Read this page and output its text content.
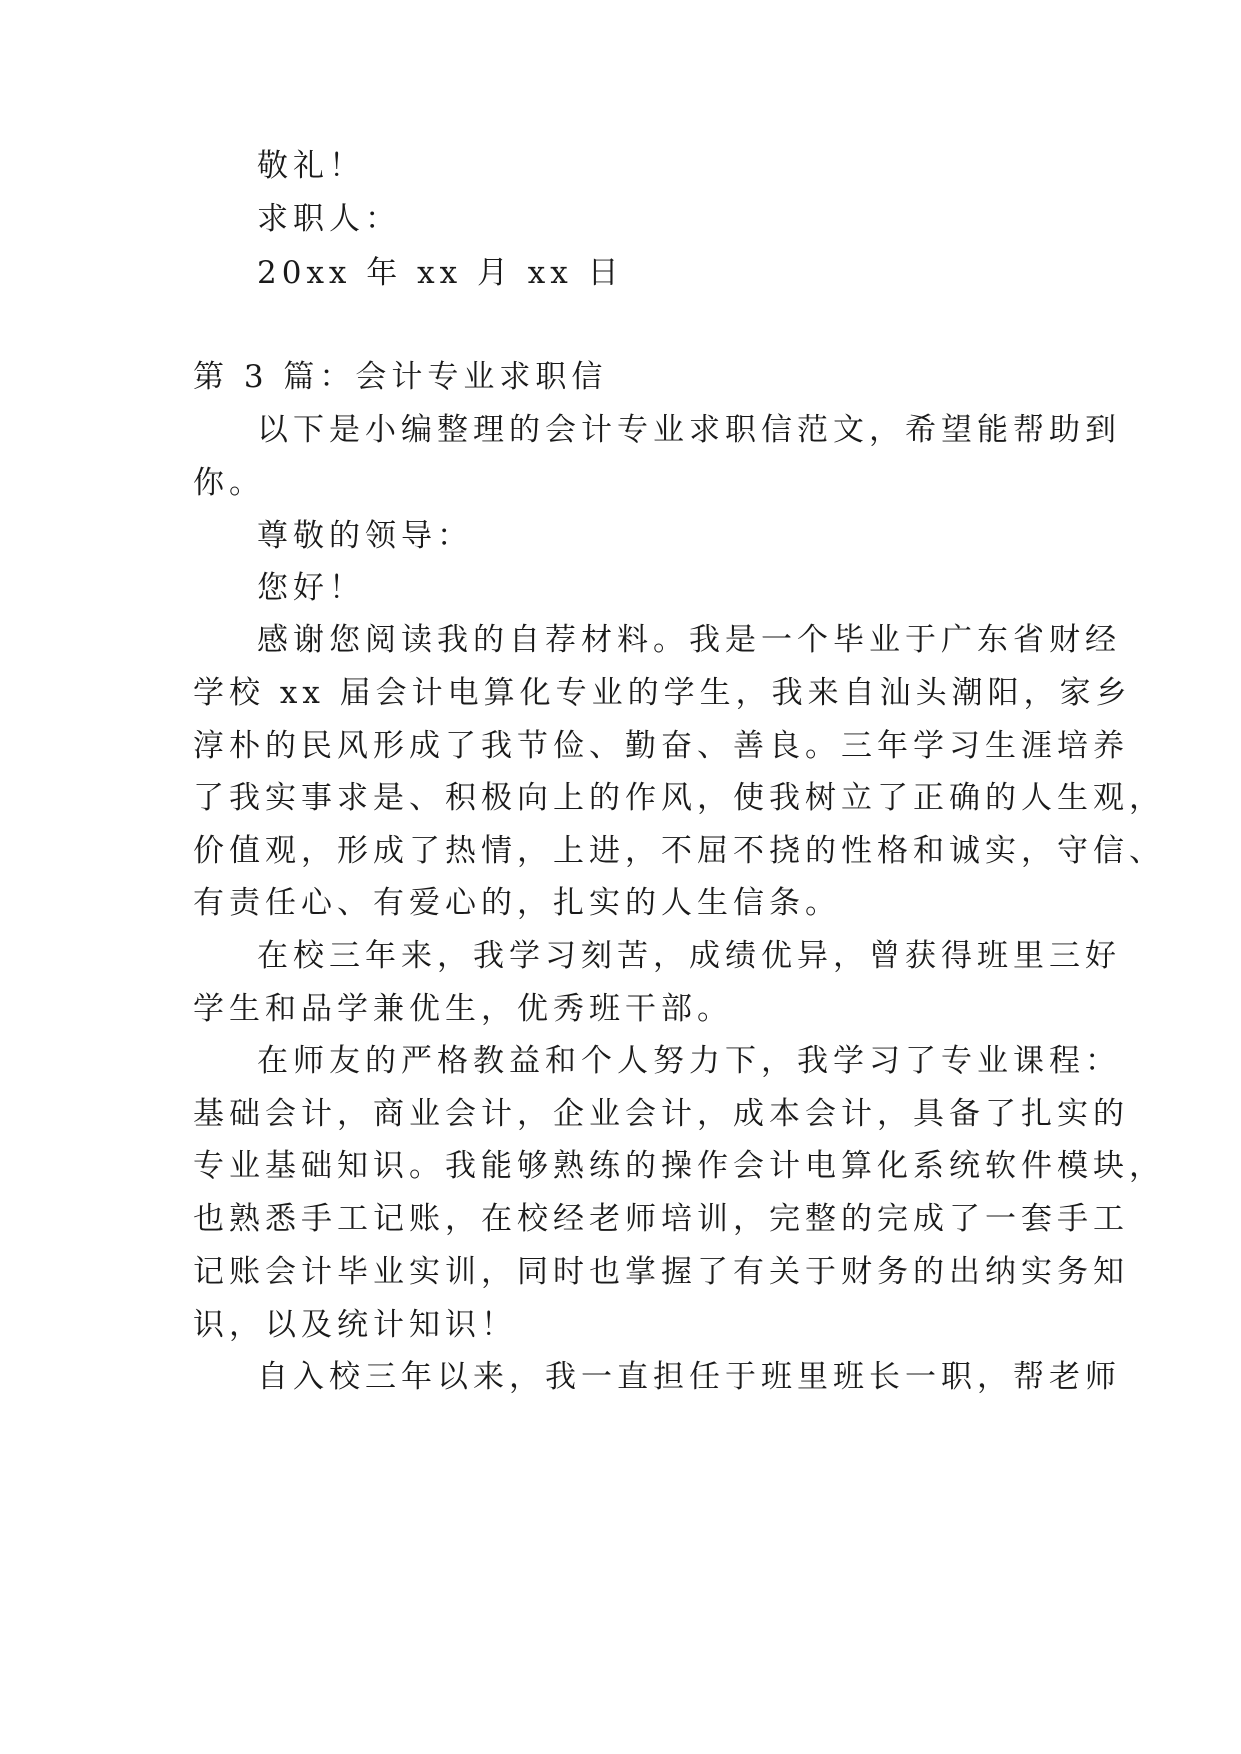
敬礼！
求职人：
20xx 年 xx 月 xx 日
第 3 篇：会计专业求职信
以下是小编整理的会计专业求职信范文，希望能帮助到
你。
尊敬的领导：
您好！
感谢您阅读我的自荐材料。我是一个毕业于广东省财经
学校 xx 届会计电算化专业的学生，我来自汕头潮阳，家乡
淳朴的民风形成了我节俭、勤奋、善良。三年学习生涯培养
了我实事求是、积极向上的作风，使我树立了正确的人生观，
价值观，形成了热情，上进，不屈不挠的性格和诚实，守信、
有责任心、有爱心的，扎实的人生信条。
在校三年来，我学习刻苦，成绩优异，曾获得班里三好
学生和品学兼优生，优秀班干部。
在师友的严格教益和个人努力下，我学习了专业课程：
基础会计，商业会计，企业会计，成本会计，具备了扎实的
专业基础知识。我能够熟练的操作会计电算化系统软件模块，
也熟悉手工记账，在校经老师培训，完整的完成了一套手工
记账会计毕业实训，同时也掌握了有关于财务的出纳实务知
识，以及统计知识！
自入校三年以来，我一直担任于班里班长一职，帮老师
